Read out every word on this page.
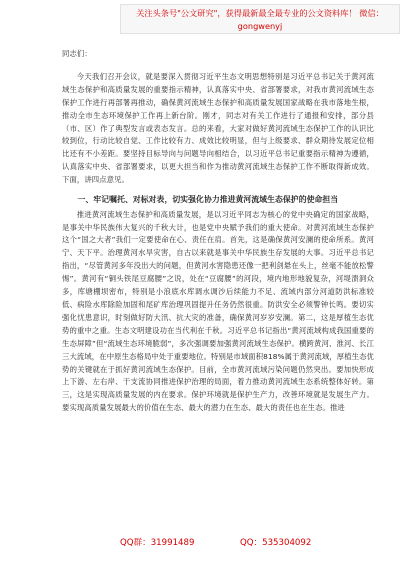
关注头条号"公文研究"，获得最新最全最专业的公文资料库！ 微信：gongwenyj

同志们：

今天我们召开会议，就是要深入贯彻习近平生态文明思想特别是习近平总书记关于黄河流域生态保护和高质量发展的重要指示精神，认真落实中央、省部署要求，对我市黄河流域生态保护工作进行再部署再推动，确保黄河流域生态保护和高质量发展国家战略在我市落地生根，推动全市生态环境保护工作再上新台阶。刚才，同志对有关工作进行了通报和安排，部分县（市、区）作了典型发言或表态发言。总的来看，大家对做好黄河流域生态保护工作的认识比较到位，行动比较自觉、工作比较有力、成效比较明显，但与上级要求、群众期待发展定位相比还有不小差距。要坚持目标导向与问题导向相结合，以习近平总书记重要指示精神为遵循，认真落实中央、省部署要求，以更大担当和作为推动黄河流域生态保护工作不断取得新成效。下面，讲四点意见。

一、牢记嘱托、对标对表，切实强化协力推进黄河流域生态保护的使命担当

推进黄河流域生态保护和高质量发展，是以习近平同志为核心的党中央确定的国家战略，是事关中华民族伟大复兴的千秋大计，也是党中央赋予我们的重大使命。对黄河流域生态保护这个“国之大者”我们一定要使命在心、责任在肩。首先，这是确保黄河安澜的使命所系。黄河宁、天下平。治理黄河水旱灾害，自古以来就是事关中华民族生存发展的大事。习近平总书记指出，“尽管黄河多年没出大的问题，但黄河水害隐患还像一把利剑悬在头上，丝毫不能放松警惕”。黄河有“铜头铁尾豆腐腰”之说，处在“豆腐腰”的河段，境内地形地貌复杂，河堤溃洞众多，库塘棚坝密布，特别是小浪底水库调水调沙后续能力不足、流域内部分河道防洪标准较低、病险水库除险加固和尾矿库治理巩固提升任务仍然很重。防洪安全必须警钟长鸣。要切实强化忧患意识，时刻做好防大汛、抗大灾的准备，确保黄河岁岁安澜。第二，这是厚植生态优势的重中之重。生态文明建设功在当代利在千秋。习近平总书记指出“黄河流域构成我国重要的生态屏障”但“流域生态环境脆弱”，多次强调要加强黄河流域生态保护。横跨黄河、淮河、长江三大流域，在中原生态格局中处于重要地位。特别是市域面积818%属于黄河流域，厚植生态优势的关键就在于抓好黄河流域生态保护。目前，全市黄河流域污染问题仍然突出。要加快形成上下游、左右岸、干支流协同推进保护治理的局面，着力推动黄河流域生态系统整体好转。第三，这是实现高质量发展的内在要求。保护环境就是保护生产力，改善环境就是发展生产力。要实现高质量发展最大的价值在生态、最大的潜力在生态、最大的责任也在生态。推进

QQ群：31991489	QQ：535304092
